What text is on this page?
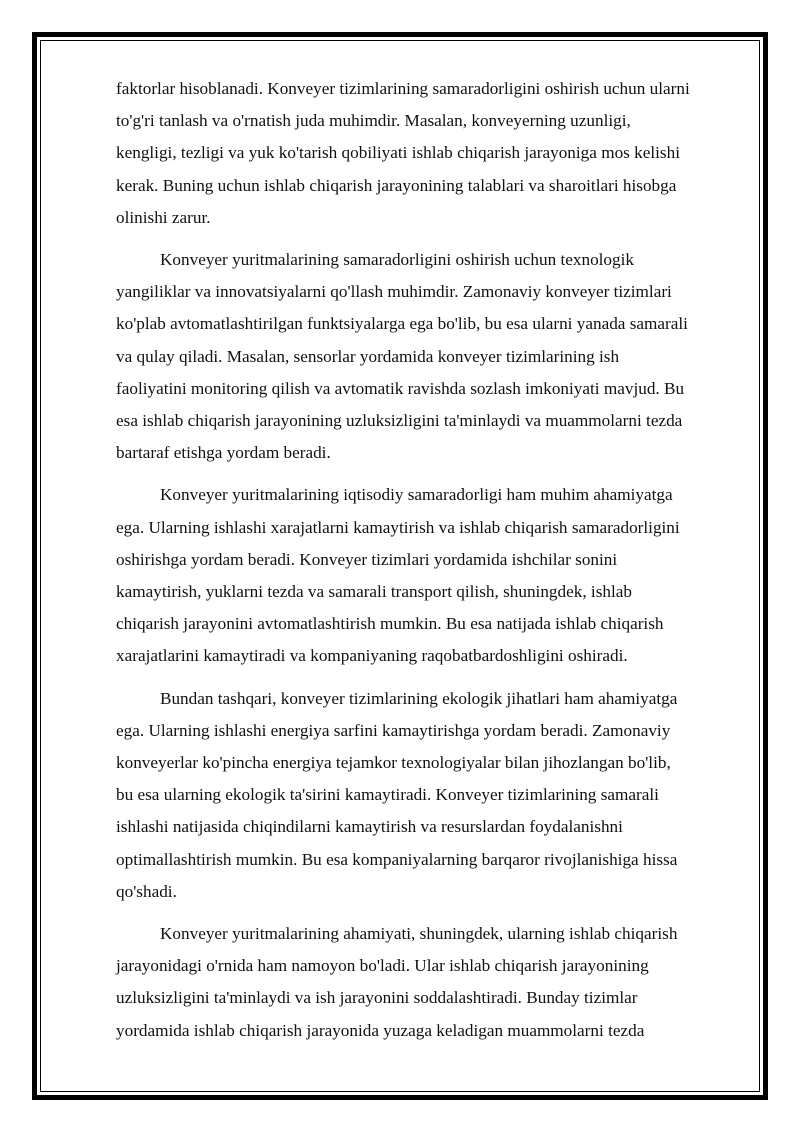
faktorlar hisoblanadi. Konveyer tizimlarining samaradorligini oshirish uchun ularni
to'g'ri tanlash va o'rnatish juda muhimdir. Masalan, konveyerning uzunligi,
kengligi, tezligi va yuk ko'tarish qobiliyati ishlab chiqarish jarayoniga mos kelishi
kerak. Buning uchun ishlab chiqarish jarayonining talablari va sharoitlari hisobga
olinishi zarur.

Konveyer yuritmalarining samaradorligini oshirish uchun texnologik
yangiliklar va innovatsiyalarni qo'llash muhimdir. Zamonaviy konveyer tizimlari
ko'plab avtomatlashtirilgan funktsiyalarga ega bo'lib, bu esa ularni yanada samarali
va qulay qiladi. Masalan, sensorlar yordamida konveyer tizimlarining ish
faoliyatini monitoring qilish va avtomatik ravishda sozlash imkoniyati mavjud. Bu
esa ishlab chiqarish jarayonining uzluksizligini ta'minlaydi va muammolarni tezda
bartaraf etishga yordam beradi.

Konveyer yuritmalarining iqtisodiy samaradorligi ham muhim ahamiyatga
ega. Ularning ishlashi xarajatlarni kamaytirish va ishlab chiqarish samaradorligini
oshirishga yordam beradi. Konveyer tizimlari yordamida ishchilar sonini
kamaytirish, yuklarni tezda va samarali transport qilish, shuningdek, ishlab
chiqarish jarayonini avtomatlashtirish mumkin. Bu esa natijada ishlab chiqarish
xarajatlarini kamaytiradi va kompaniyaning raqobatbardoshligini oshiradi.

Bundan tashqari, konveyer tizimlarining ekologik jihatlari ham ahamiyatga
ega. Ularning ishlashi energiya sarfini kamaytirishga yordam beradi. Zamonaviy
konveyerlar ko'pincha energiya tejamkor texnologiyalar bilan jihozlangan bo'lib,
bu esa ularning ekologik ta'sirini kamaytiradi. Konveyer tizimlarining samarali
ishlashi natijasida chiqindilarni kamaytirish va resurslardan foydalanishni
optimallashtirish mumkin. Bu esa kompaniyalarning barqaror rivojlanishiga hissa
qo'shadi.

Konveyer yuritmalarining ahamiyati, shuningdek, ularning ishlab chiqarish
jarayonidagi o'rnida ham namoyon bo'ladi. Ular ishlab chiqarish jarayonining
uzluksizligini ta'minlaydi va ish jarayonini soddalashtiradi. Bunday tizimlar
yordamida ishlab chiqarish jarayonida yuzaga keladigan muammolarni tezda
